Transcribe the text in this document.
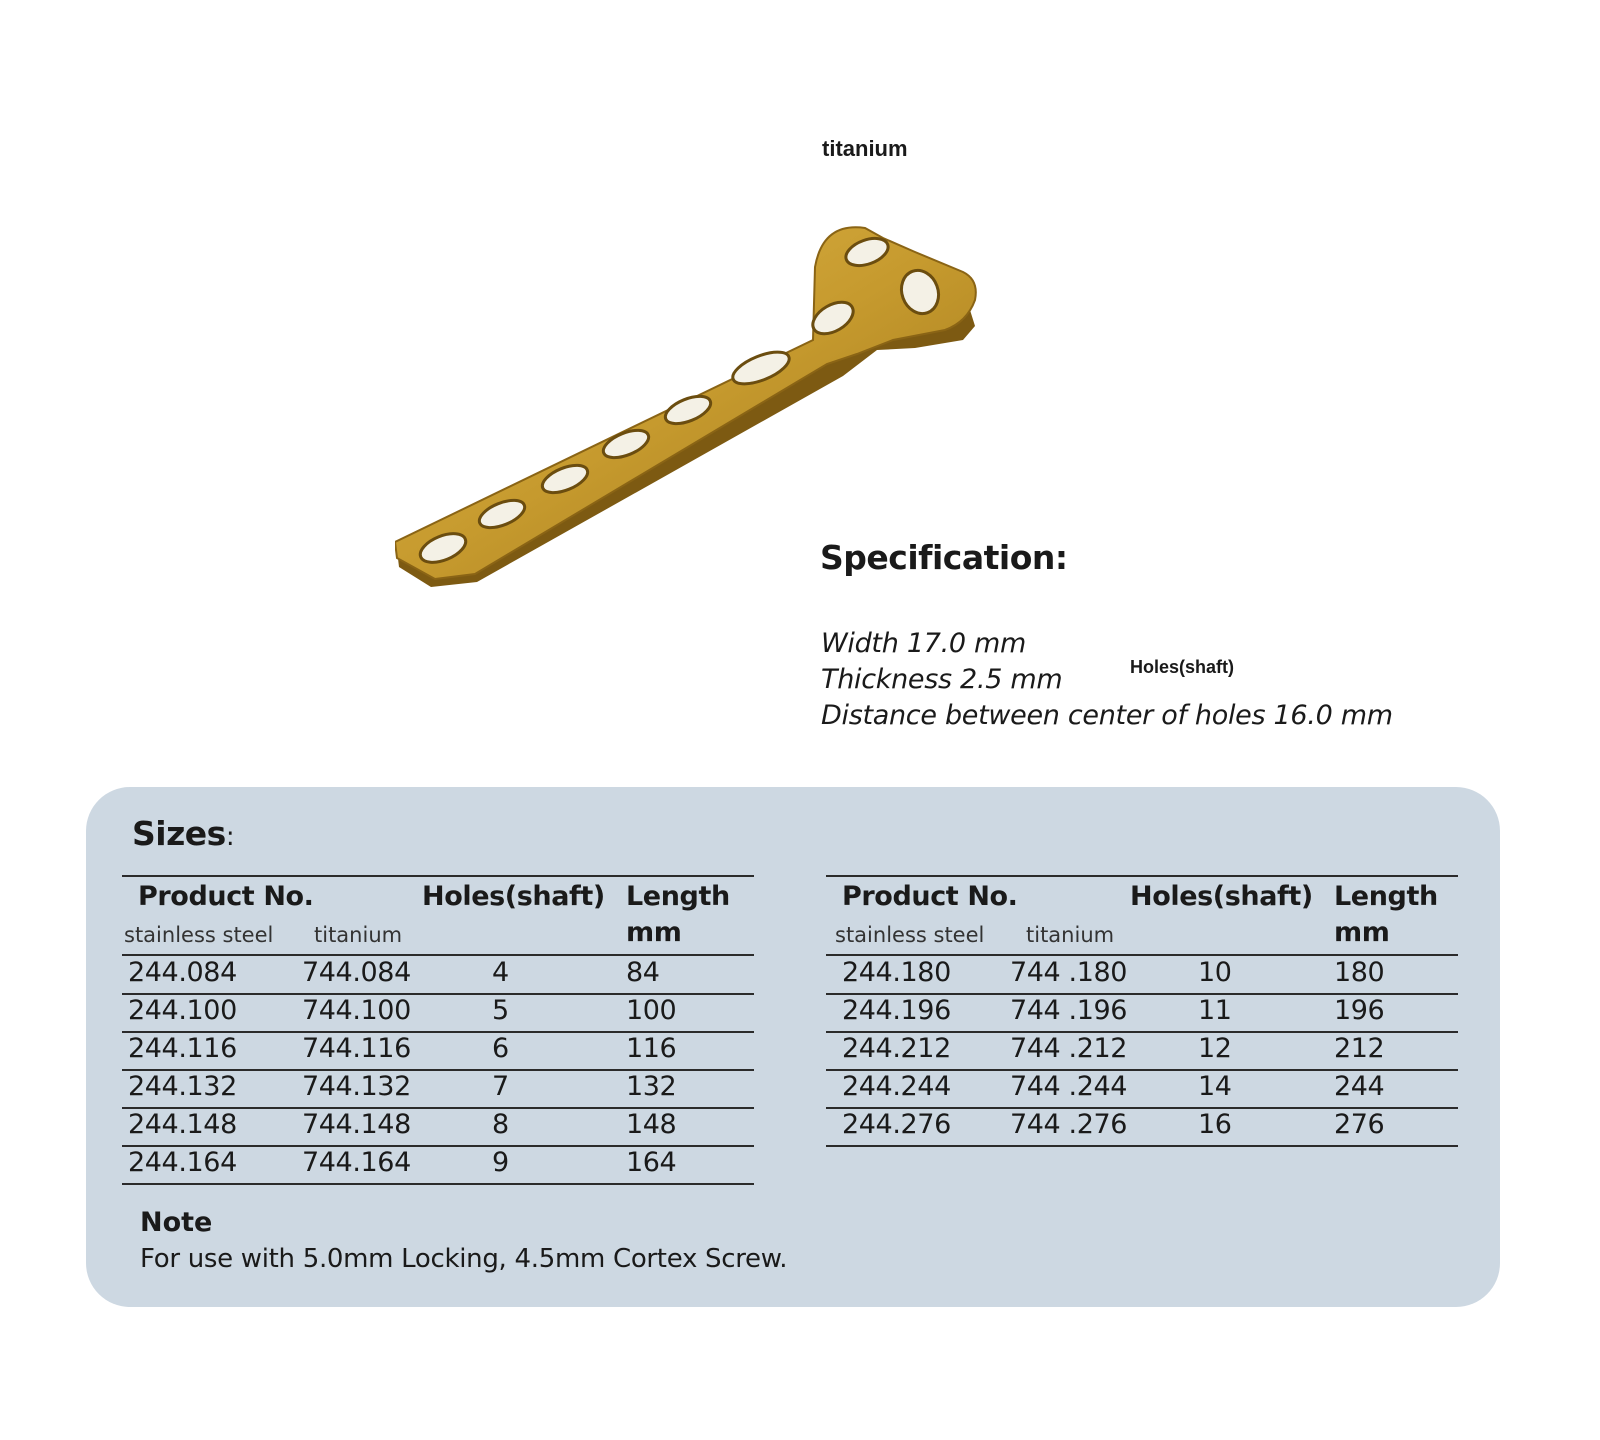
titanium
Specification:
Width 17.0 mm
Thickness 2.5 mm
Distance between center of holes 16.0 mm
Holes(shaft)
Sizes:
Product No.	Holes(shaft) Length
stainless steel titanium	mm
244.084 744.084	4	84
244.100 744.100	5	100
244.116 744.116	6	116
244.132 744.132	7	132
244.148 744.148	8	148
244.164 744.164	9	164
Product No.	Holes(shaft) Length
stainless steel titanium	mm
244.180 744 .180	10	180
244.196 744 .196	11	196
244.212 744 .212	12	212
244.244 744 .244	14	244
244.276 744 .276	16	276
Note
For use with 5.0mm Locking, 4.5mm Cortex Screw.
